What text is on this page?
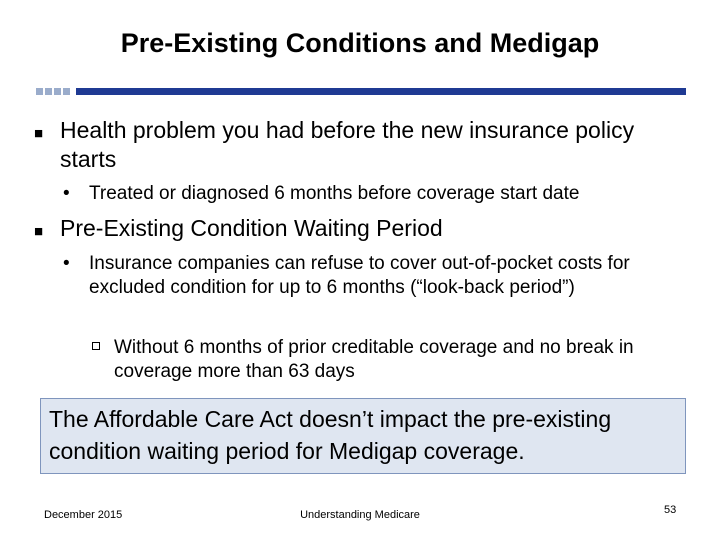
Pre-Existing Conditions and Medigap
■ Health problem you had before the new insurance policy starts
• Treated or diagnosed 6 months before coverage start date
■ Pre-Existing Condition Waiting Period
• Insurance companies can refuse to cover out-of-pocket costs for excluded condition for up to 6 months (“look-back period”)
Without 6 months of prior creditable coverage and no break in coverage more than 63 days
The Affordable Care Act doesn’t impact the pre-existing condition waiting period for Medigap coverage.
December 2015	Understanding Medicare	53
